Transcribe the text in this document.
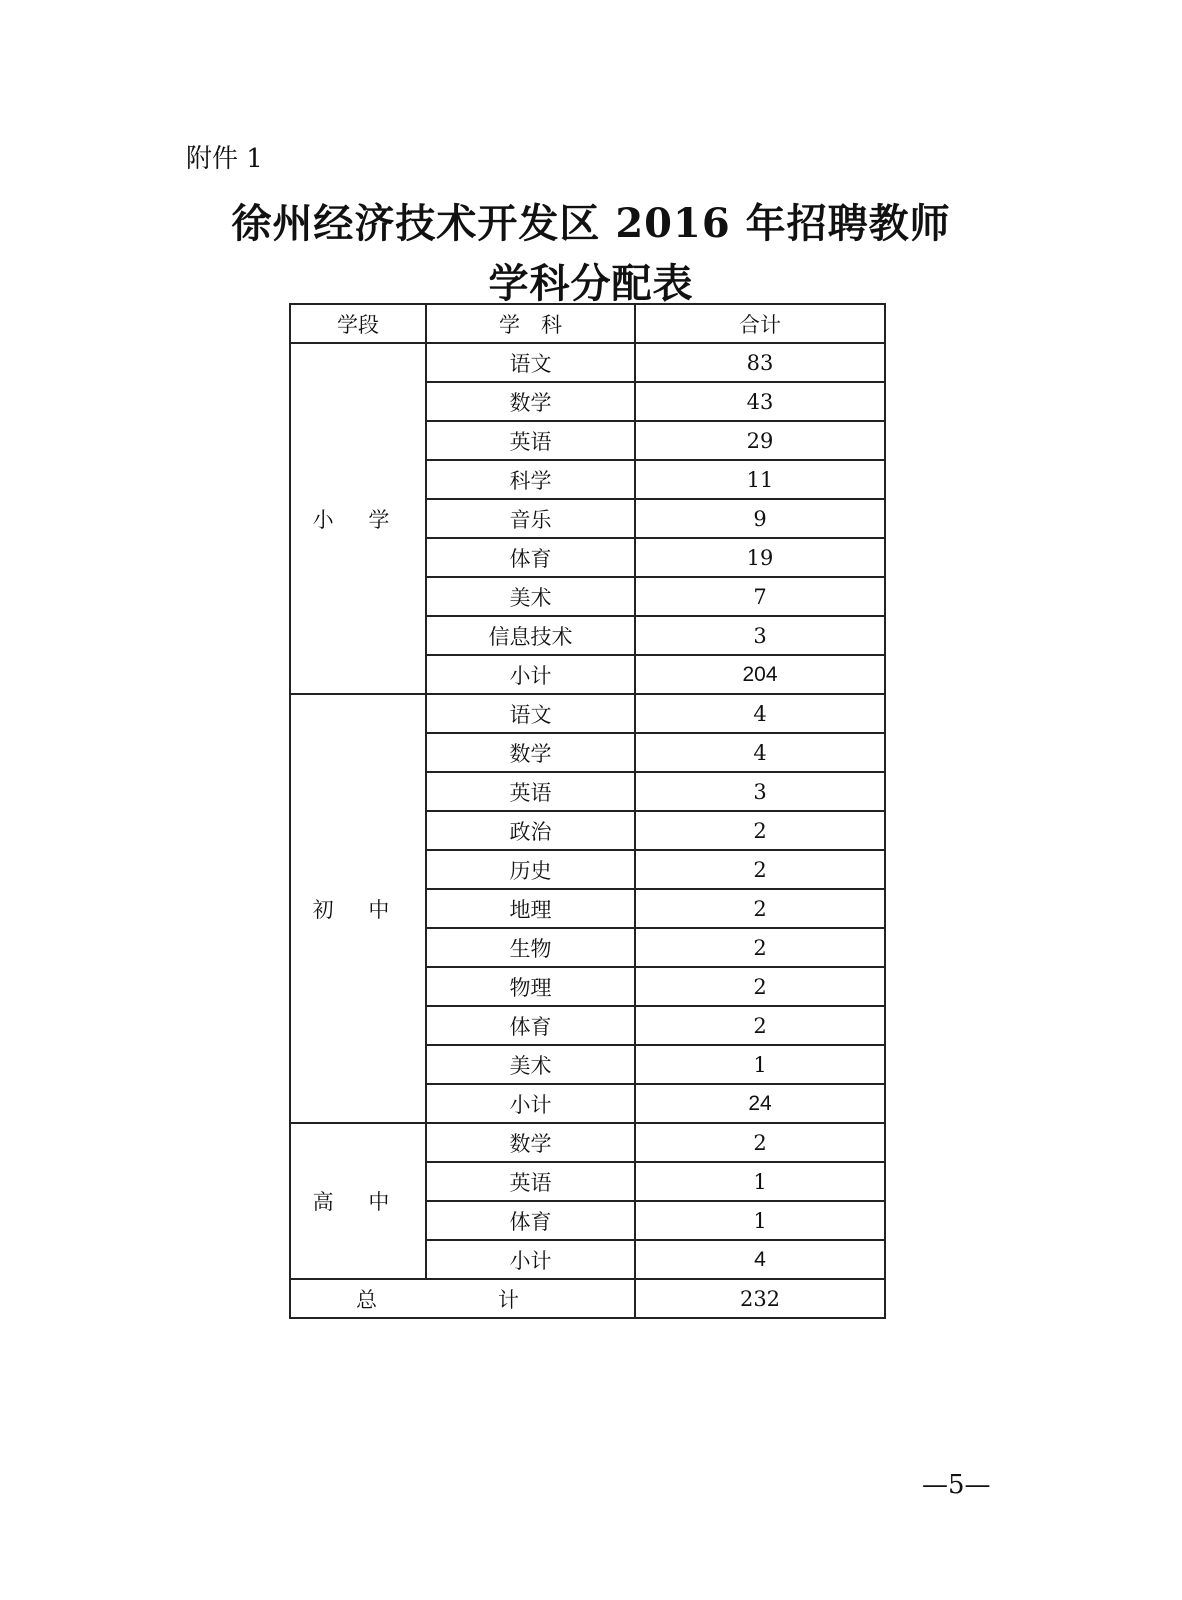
附件 1
徐州经济技术开发区 2016 年招聘教师
学科分配表
学段	学　科	合计
小 学	语文	83
	数学	43
	英语	29
	科学	11
	音乐	9
	体育	19
	美术	7
	信息技术	3
	小计	204
初 中	语文	4
	数学	4
	英语	3
	政治	2
	历史	2
	地理	2
	生物	2
	物理	2
	体育	2
	美术	1
	小计	24
高 中	数学	2
	英语	1
	体育	1
	小计	4
总　计		232
—5—
